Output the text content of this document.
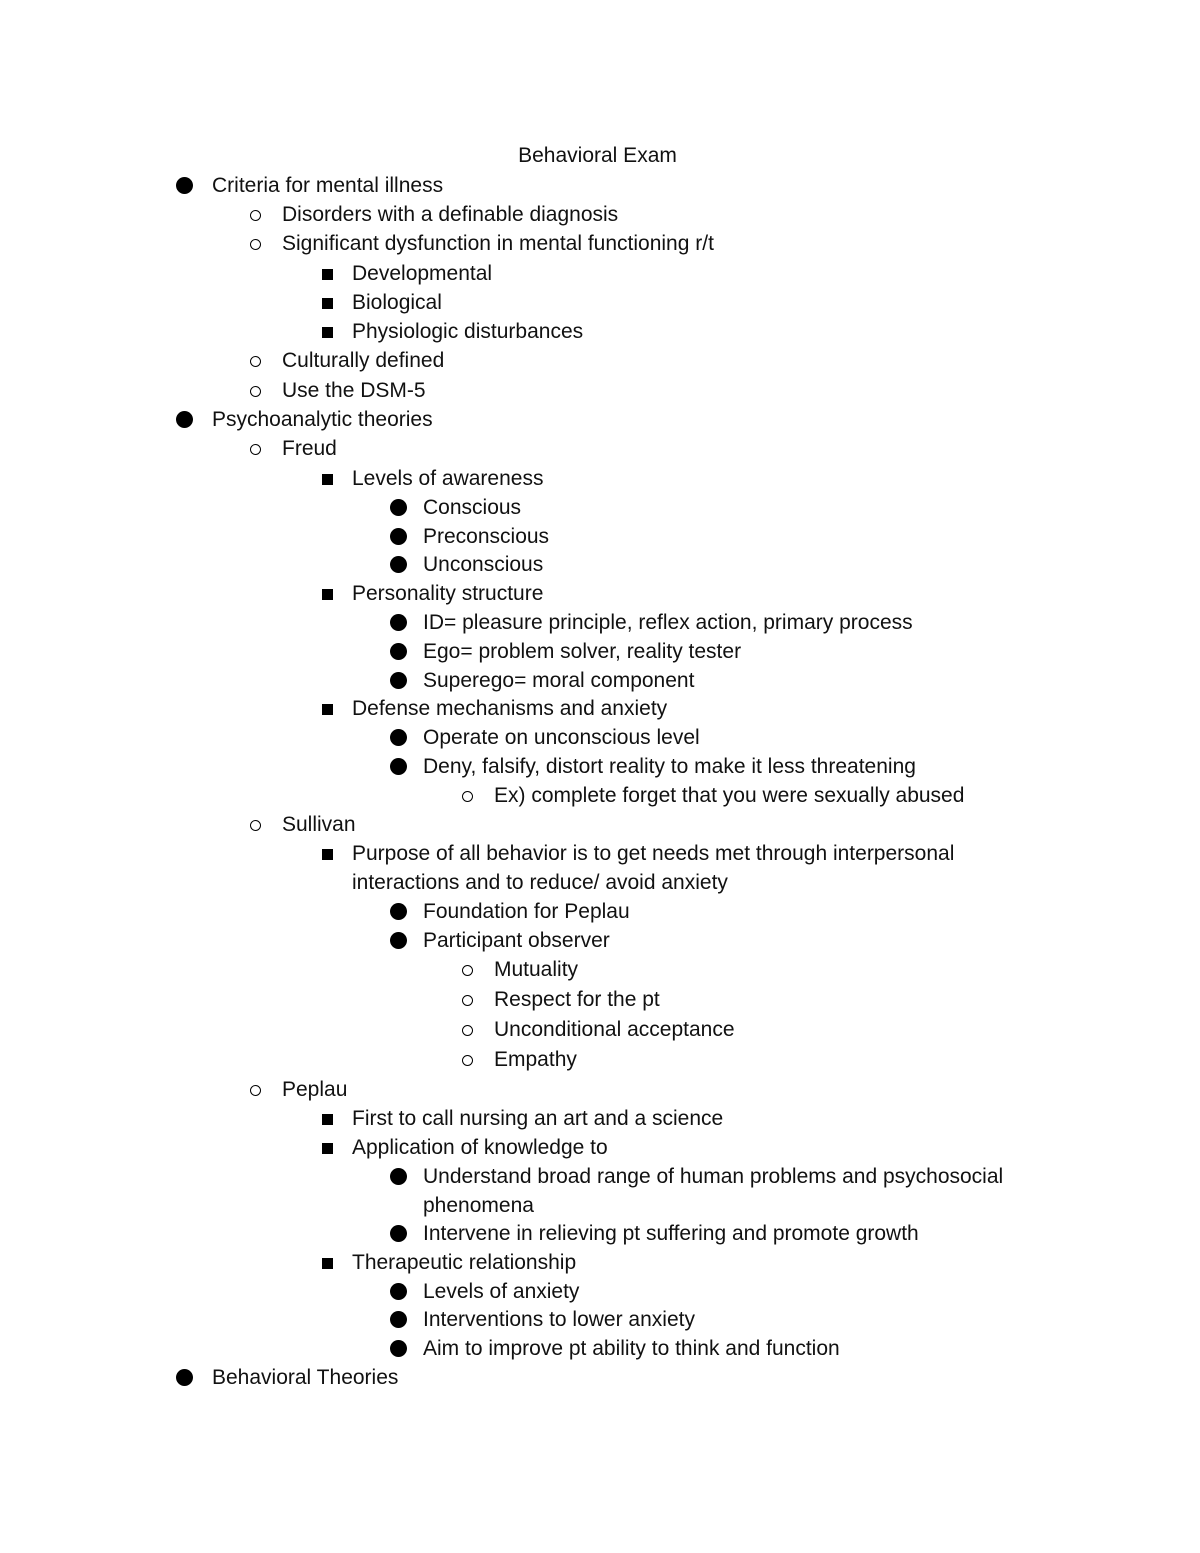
Behavioral Exam
Criteria for mental illness
Disorders with a definable diagnosis
Significant dysfunction in mental functioning r/t
Developmental
Biological
Physiologic disturbances
Culturally defined
Use the DSM-5
Psychoanalytic theories
Freud
Levels of awareness
Conscious
Preconscious
Unconscious
Personality structure
ID= pleasure principle, reflex action, primary process
Ego= problem solver, reality tester
Superego= moral component
Defense mechanisms and anxiety
Operate on unconscious level
Deny, falsify, distort reality to make it less threatening
Ex) complete forget that you were sexually abused
Sullivan
Purpose of all behavior is to get needs met through interpersonal
interactions and to reduce/ avoid anxiety
Foundation for Peplau
Participant observer
Mutuality
Respect for the pt
Unconditional acceptance
Empathy
Peplau
First to call nursing an art and a science
Application of knowledge to
Understand broad range of human problems and psychosocial
phenomena
Intervene in relieving pt suffering and promote growth
Therapeutic relationship
Levels of anxiety
Interventions to lower anxiety
Aim to improve pt ability to think and function
Behavioral Theories
